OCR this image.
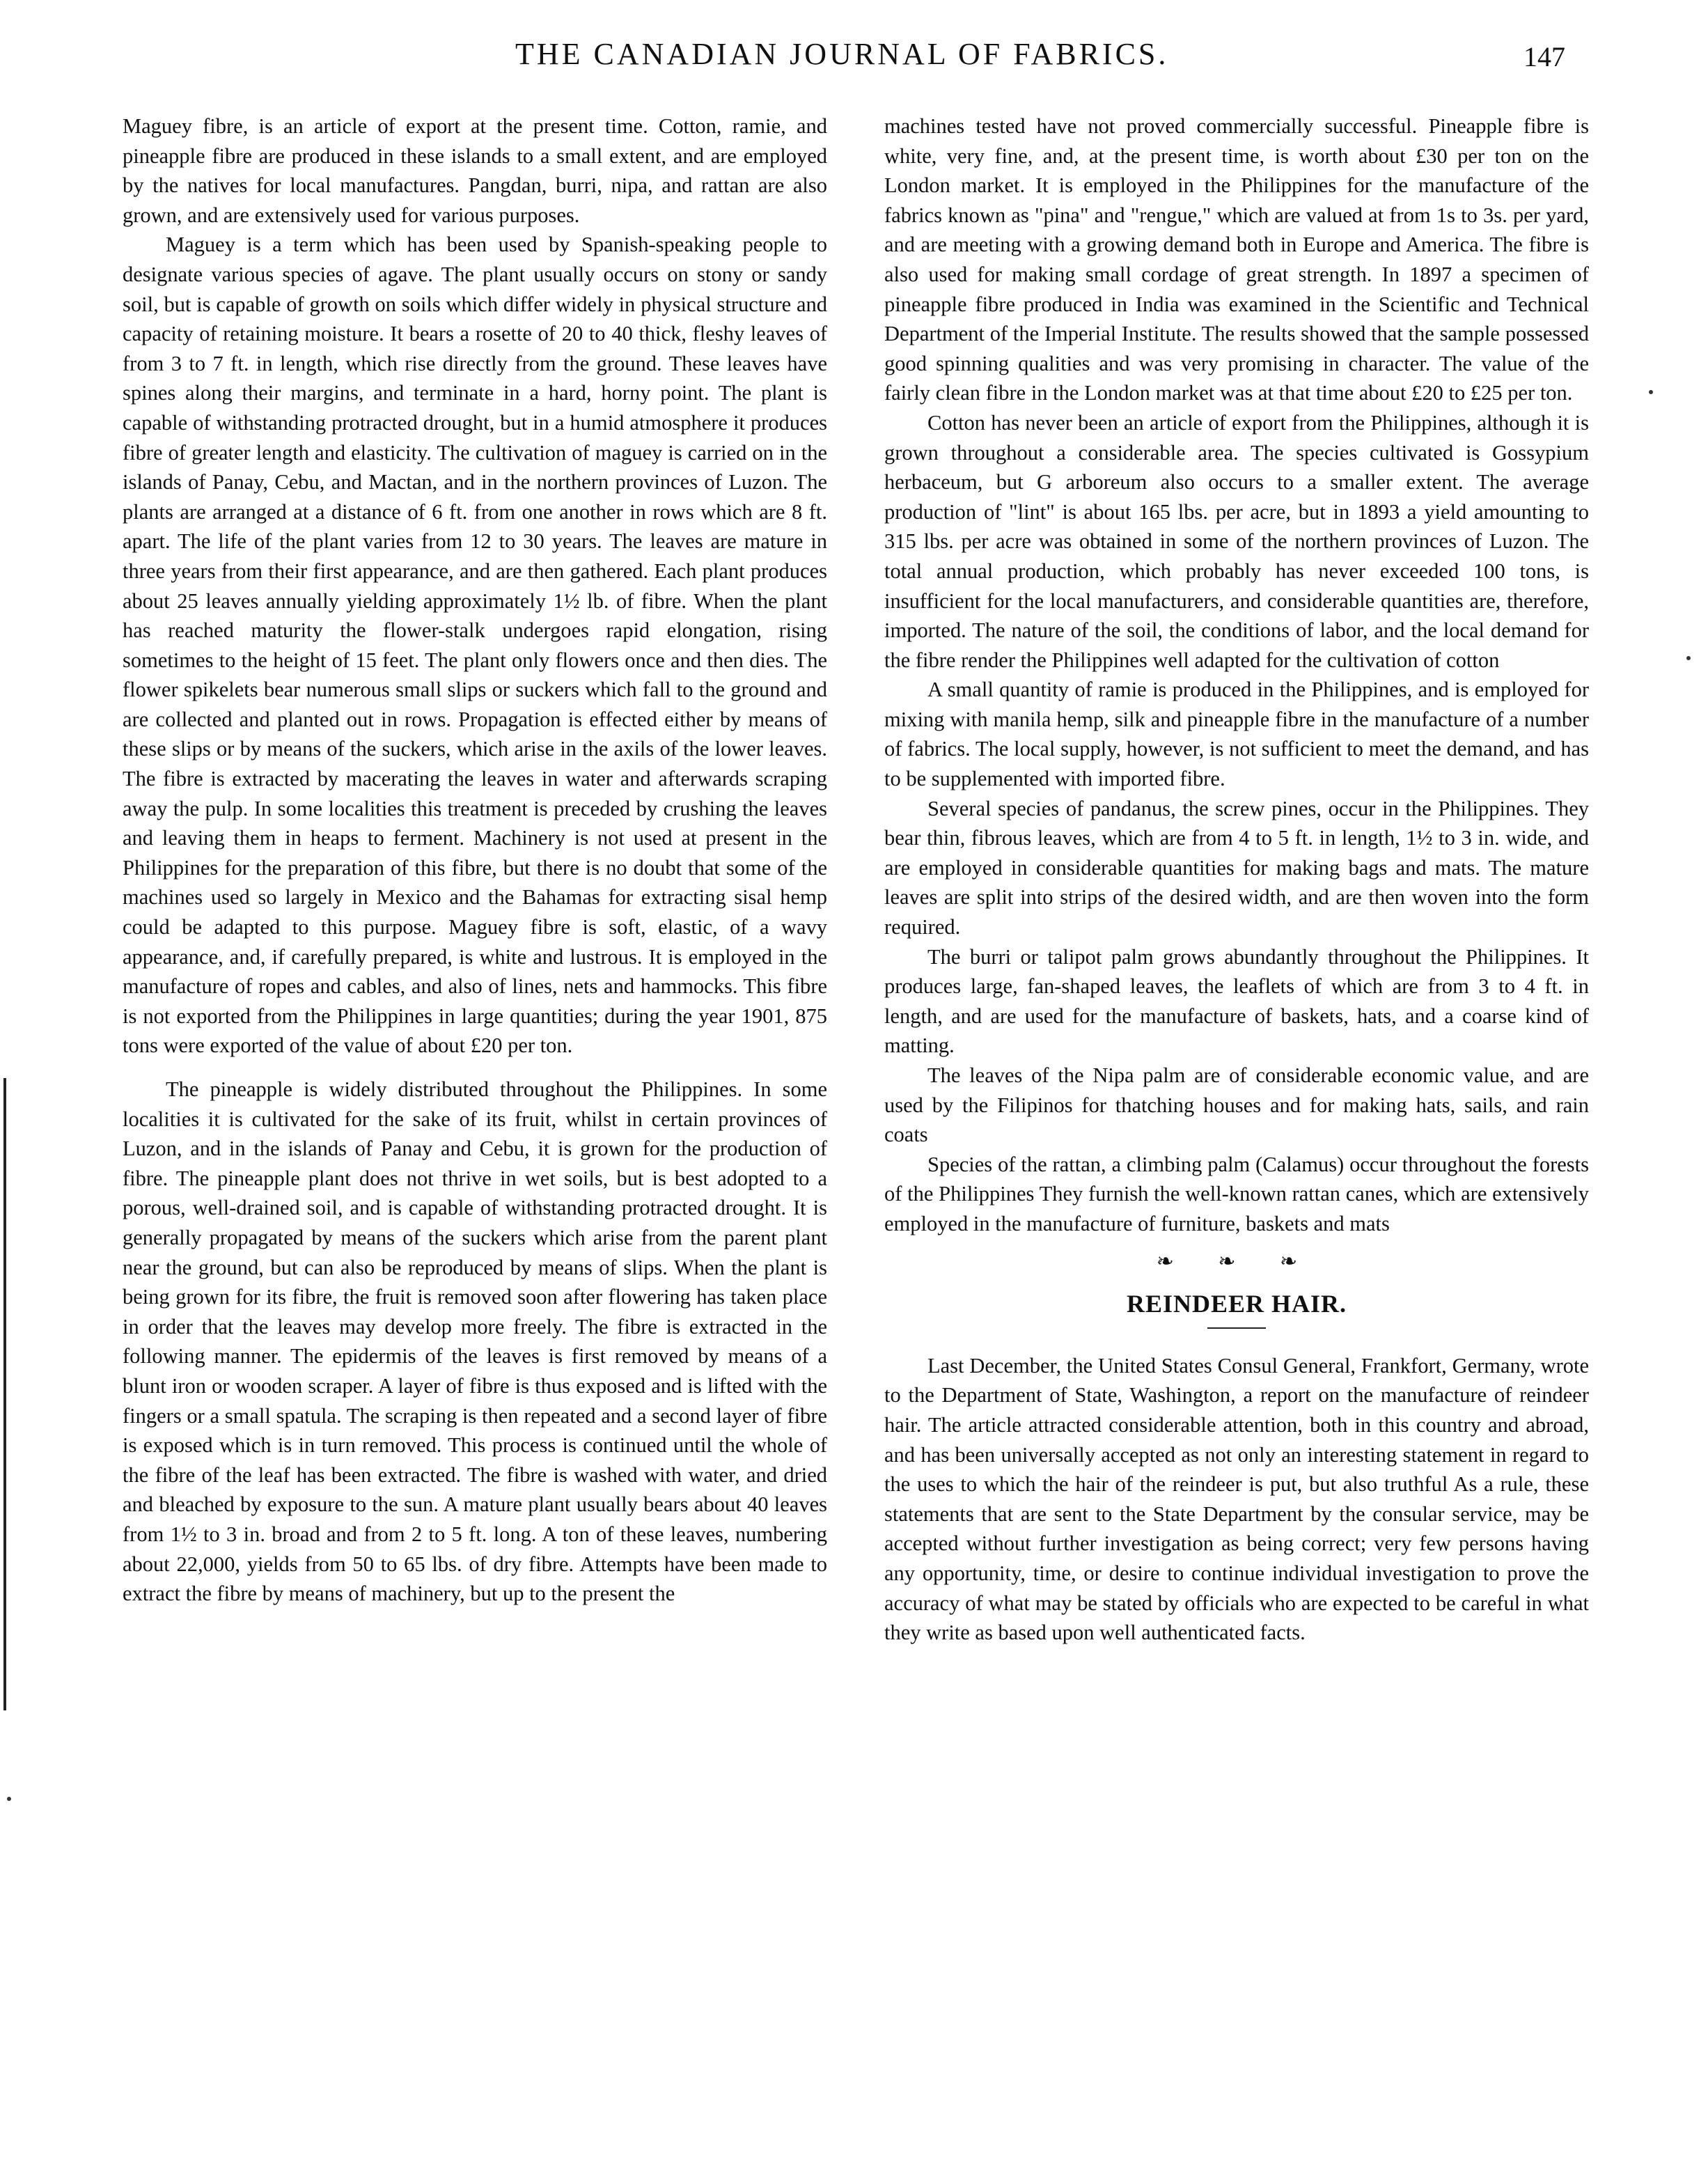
THE CANADIAN JOURNAL OF FABRICS.	147

Maguey fibre, is an article of export at the present time. Cotton, ramie, and pineapple fibre are produced in these islands to a small extent, and are employed by the natives for local manufactures. Pangdan, burri, nipa, and rattan are also grown, and are extensively used for various purposes.

Maguey is a term which has been used by Spanish-speaking people to designate various species of agave. The plant usually occurs on stony or sandy soil, but is capable of growth on soils which differ widely in physical structure and capacity of retaining moisture. It bears a rosette of 20 to 40 thick, fleshy leaves of from 3 to 7 ft. in length, which rise directly from the ground. These leaves have spines along their margins, and terminate in a hard, horny point. The plant is capable of withstanding protracted drought, but in a humid atmosphere it produces fibre of greater length and elasticity. The cultivation of maguey is carried on in the islands of Panay, Cebu, and Mactan, and in the northern provinces of Luzon. The plants are arranged at a distance of 6 ft. from one another in rows which are 8 ft. apart. The life of the plant varies from 12 to 30 years. The leaves are mature in three years from their first appearance, and are then gathered. Each plant produces about 25 leaves annually yielding approximately 1½ lb. of fibre. When the plant has reached maturity the flower-stalk undergoes rapid elongation, rising sometimes to the height of 15 feet. The plant only flowers once and then dies. The flower spikelets bear numerous small slips or suckers which fall to the ground and are collected and planted out in rows. Propagation is effected either by means of these slips or by means of the suckers, which arise in the axils of the lower leaves. The fibre is extracted by macerating the leaves in water and afterwards scraping away the pulp. In some localities this treatment is preceded by crushing the leaves and leaving them in heaps to ferment. Machinery is not used at present in the Philippines for the preparation of this fibre, but there is no doubt that some of the machines used so largely in Mexico and the Bahamas for extracting sisal hemp could be adapted to this purpose. Maguey fibre is soft, elastic, of a wavy appearance, and, if carefully prepared, is white and lustrous. It is employed in the manufacture of ropes and cables, and also of lines, nets and hammocks. This fibre is not exported from the Philippines in large quantities; during the year 1901, 875 tons were exported of the value of about £20 per ton.

The pineapple is widely distributed throughout the Philippines. In some localities it is cultivated for the sake of its fruit, whilst in certain provinces of Luzon, and in the islands of Panay and Cebu, it is grown for the production of fibre. The pineapple plant does not thrive in wet soils, but is best adopted to a porous, well-drained soil, and is capable of withstanding protracted drought. It is generally propagated by means of the suckers which arise from the parent plant near the ground, but can also be reproduced by means of slips. When the plant is being grown for its fibre, the fruit is removed soon after flowering has taken place in order that the leaves may develop more freely. The fibre is extracted in the following manner. The epidermis of the leaves is first removed by means of a blunt iron or wooden scraper. A layer of fibre is thus exposed and is lifted with the fingers or a small spatula. The scraping is then repeated and a second layer of fibre is exposed which is in turn removed. This process is continued until the whole of the fibre of the leaf has been extracted. The fibre is washed with water, and dried and bleached by exposure to the sun. A mature plant usually bears about 40 leaves from 1½ to 3 in. broad and from 2 to 5 ft. long. A ton of these leaves, numbering about 22,000, yields from 50 to 65 lbs. of dry fibre. Attempts have been made to extract the fibre by means of machinery, but up to the present the

machines tested have not proved commercially successful. Pineapple fibre is white, very fine, and, at the present time, is worth about £30 per ton on the London market. It is employed in the Philippines for the manufacture of the fabrics known as "pina" and "rengue," which are valued at from 1s to 3s. per yard, and are meeting with a growing demand both in Europe and America. The fibre is also used for making small cordage of great strength. In 1897 a specimen of pineapple fibre produced in India was examined in the Scientific and Technical Department of the Imperial Institute. The results showed that the sample possessed good spinning qualities and was very promising in character. The value of the fairly clean fibre in the London market was at that time about £20 to £25 per ton.

Cotton has never been an article of export from the Philippines, although it is grown throughout a considerable area. The species cultivated is Gossypium herbaceum, but G arboreum also occurs to a smaller extent. The average production of "lint" is about 165 lbs. per acre, but in 1893 a yield amounting to 315 lbs. per acre was obtained in some of the northern provinces of Luzon. The total annual production, which probably has never exceeded 100 tons, is insufficient for the local manufacturers, and considerable quantities are, therefore, imported. The nature of the soil, the conditions of labor, and the local demand for the fibre render the Philippines well adapted for the cultivation of cotton

A small quantity of ramie is produced in the Philippines, and is employed for mixing with manila hemp, silk and pineapple fibre in the manufacture of a number of fabrics. The local supply, however, is not sufficient to meet the demand, and has to be supplemented with imported fibre.

Several species of pandanus, the screw pines, occur in the Philippines. They bear thin, fibrous leaves, which are from 4 to 5 ft. in length, 1½ to 3 in. wide, and are employed in considerable quantities for making bags and mats. The mature leaves are split into strips of the desired width, and are then woven into the form required.

The burri or talipot palm grows abundantly throughout the Philippines. It produces large, fan-shaped leaves, the leaflets of which are from 3 to 4 ft. in length, and are used for the manufacture of baskets, hats, and a coarse kind of matting.

The leaves of the Nipa palm are of considerable economic value, and are used by the Filipinos for thatching houses and for making hats, sails, and rain coats

Species of the rattan, a climbing palm (Calamus) occur throughout the forests of the Philippines They furnish the well-known rattan canes, which are extensively employed in the manufacture of furniture, baskets and mats

❧ ❧ ❧
REINDEER HAIR.

Last December, the United States Consul General, Frankfort, Germany, wrote to the Department of State, Washington, a report on the manufacture of reindeer hair. The article attracted considerable attention, both in this country and abroad, and has been universally accepted as not only an interesting statement in regard to the uses to which the hair of the reindeer is put, but also truthful As a rule, these statements that are sent to the State Department by the consular service, may be accepted without further investigation as being correct; very few persons having any opportunity, time, or desire to continue individual investigation to prove the accuracy of what may be stated by officials who are expected to be careful in what they write as based upon well authenticated facts.
